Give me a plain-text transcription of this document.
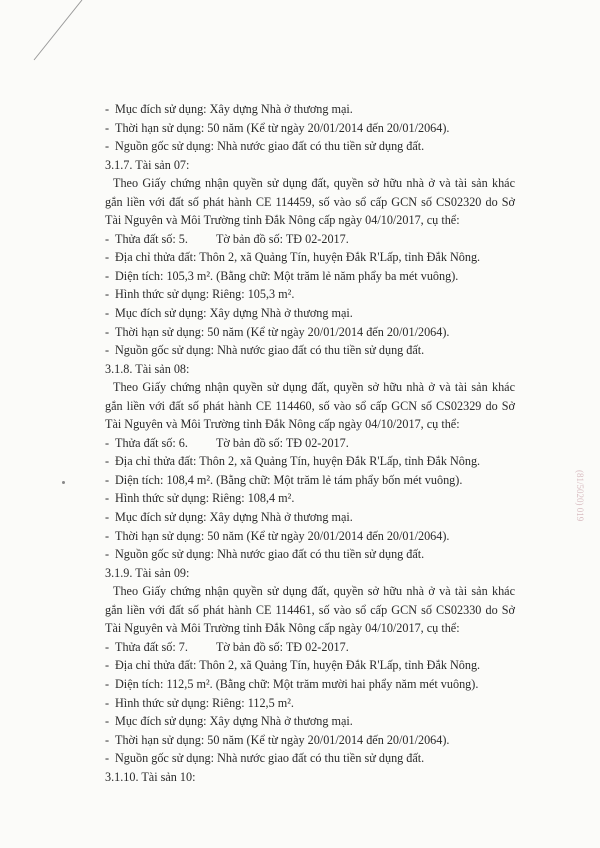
(81/5020) 019
- Mục đích sử dụng: Xây dựng Nhà ở thương mại.
- Thời hạn sử dụng: 50 năm (Kể từ ngày 20/01/2014 đến 20/01/2064).
- Nguồn gốc sử dụng: Nhà nước giao đất có thu tiền sử dụng đất.
3.1.7. Tài sản 07:
Theo Giấy chứng nhận quyền sử dụng đất, quyền sở hữu nhà ở và tài sản khác gắn liền với đất số phát hành CE 114459, số vào sổ cấp GCN số CS02320 do Sở Tài Nguyên và Môi Trường tỉnh Đắk Nông cấp ngày 04/10/2017, cụ thể:
- Thửa đất số: 5. Tờ bản đồ số: TĐ 02-2017.
- Địa chỉ thửa đất: Thôn 2, xã Quảng Tín, huyện Đắk R'Lấp, tỉnh Đắk Nông.
- Diện tích: 105,3 m². (Bằng chữ: Một trăm lẻ năm phẩy ba mét vuông).
- Hình thức sử dụng: Riêng: 105,3 m².
- Mục đích sử dụng: Xây dựng Nhà ở thương mại.
- Thời hạn sử dụng: 50 năm (Kể từ ngày 20/01/2014 đến 20/01/2064).
- Nguồn gốc sử dụng: Nhà nước giao đất có thu tiền sử dụng đất.
3.1.8. Tài sản 08:
Theo Giấy chứng nhận quyền sử dụng đất, quyền sở hữu nhà ở và tài sản khác gắn liền với đất số phát hành CE 114460, số vào sổ cấp GCN số CS02329 do Sở Tài Nguyên và Môi Trường tỉnh Đắk Nông cấp ngày 04/10/2017, cụ thể:
- Thửa đất số: 6. Tờ bản đồ số: TĐ 02-2017.
- Địa chỉ thửa đất: Thôn 2, xã Quảng Tín, huyện Đắk R'Lấp, tỉnh Đắk Nông.
- Diện tích: 108,4 m². (Bằng chữ: Một trăm lẻ tám phẩy bốn mét vuông).
- Hình thức sử dụng: Riêng: 108,4 m².
- Mục đích sử dụng: Xây dựng Nhà ở thương mại.
- Thời hạn sử dụng: 50 năm (Kể từ ngày 20/01/2014 đến 20/01/2064).
- Nguồn gốc sử dụng: Nhà nước giao đất có thu tiền sử dụng đất.
3.1.9. Tài sản 09:
Theo Giấy chứng nhận quyền sử dụng đất, quyền sở hữu nhà ở và tài sản khác gắn liền với đất số phát hành CE 114461, số vào sổ cấp GCN số CS02330 do Sở Tài Nguyên và Môi Trường tỉnh Đắk Nông cấp ngày 04/10/2017, cụ thể:
- Thửa đất số: 7. Tờ bản đồ số: TĐ 02-2017.
- Địa chỉ thửa đất: Thôn 2, xã Quảng Tín, huyện Đắk R'Lấp, tỉnh Đắk Nông.
- Diện tích: 112,5 m². (Bằng chữ: Một trăm mười hai phẩy năm mét vuông).
- Hình thức sử dụng: Riêng: 112,5 m².
- Mục đích sử dụng: Xây dựng Nhà ở thương mại.
- Thời hạn sử dụng: 50 năm (Kể từ ngày 20/01/2014 đến 20/01/2064).
- Nguồn gốc sử dụng: Nhà nước giao đất có thu tiền sử dụng đất.
3.1.10. Tài sản 10:
